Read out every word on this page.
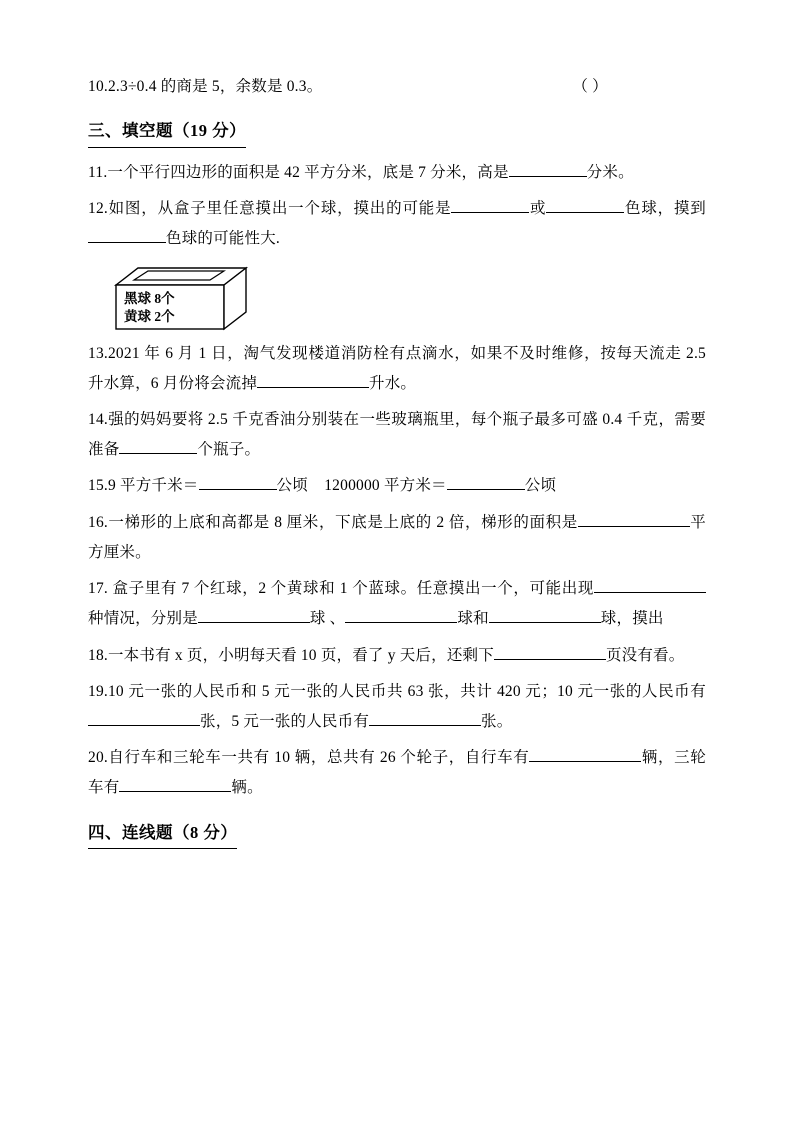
10.2.3÷0.4 的商是 5，余数是 0.3。	（ ）

三、填空题（19 分）

11.一个平行四边形的面积是 42 平方分米，底是 7 分米，高是	分米。

12.如图，从盒子里任意摸出一个球，摸出的可能是	或	色球，摸到色球的可能性大.

黑球 8个
黄球 2个

13.2021 年 6 月 1 日，淘气发现楼道消防栓有点滴水，如果不及时维修，按每天流走 2.5 升水算，6 月份将会流掉	升水。

14.强的妈妈要将 2.5 千克香油分别装在一些玻璃瓶里，每个瓶子最多可盛 0.4 千克，需要准备	个瓶子。

15.9 平方千米＝	公顷 1200000 平方米＝	公顷

16.一梯形的上底和高都是 8 厘米，下底是上底的 2 倍，梯形的面积是	平方厘米。

17. 盒子里有 7 个红球，2 个黄球和 1 个蓝球。任意摸出一个，可能出现种情况，分别是	球 、	球和	球，摸出

18.一本书有 x 页，小明每天看 10 页，看了 y 天后，还剩下	页没有看。

19.10 元一张的人民币和 5 元一张的人民币共 63 张，共计 420 元；10 元一张的人民币有张，5 元一张的人民币有	张。

20.自行车和三轮车一共有 10 辆，总共有 26 个轮子，自行车有	辆，三轮车有	辆。

四、连线题（8 分）
